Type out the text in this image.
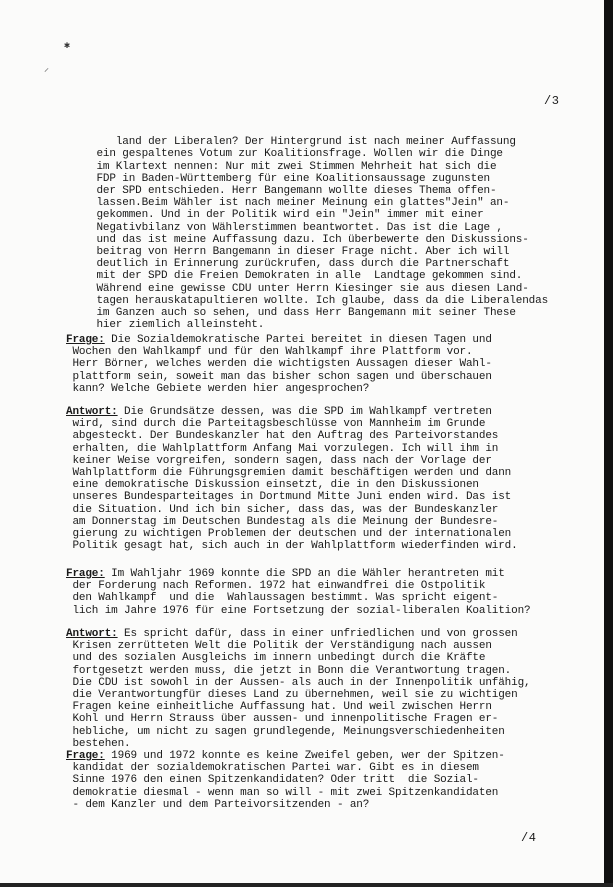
✱
⸝
/3

land der Liberalen? Der Hintergrund ist nach meiner Auffassung
ein gespaltenes Votum zur Koalitionsfrage. Wollen wir die Dinge
im Klartext nennen: Nur mit zwei Stimmen Mehrheit hat sich die
FDP in Baden-Württemberg für eine Koalitionsaussage zugunsten
der SPD entschieden. Herr Bangemann wollte dieses Thema offen-
lassen.Beim Wähler ist nach meiner Meinung ein glattes"Jein" an-
gekommen. Und in der Politik wird ein "Jein" immer mit einer
Negativbilanz von Wählerstimmen beantwortet. Das ist die Lage ,
und das ist meine Auffassung dazu. Ich überbewerte den Diskussions-
beitrag von Herrn Bangemann in dieser Frage nicht. Aber ich will
deutlich in Erinnerung zurückrufen, dass durch die Partnerschaft
mit der SPD die Freien Demokraten in alle  Landtage gekommen sind.
Während eine gewisse CDU unter Herrn Kiesinger sie aus diesen Land-
tagen herauskatapultieren wollte. Ich glaube, dass da die Liberalendas
im Ganzen auch so sehen, und dass Herr Bangemann mit seiner These
hier ziemlich alleinsteht.

Frage: Die Sozialdemokratische Partei bereitet in diesen Tagen und
Wochen den Wahlkampf und für den Wahlkampf ihre Plattform vor.
Herr Börner, welches werden die wichtigsten Aussagen dieser Wahl-
plattform sein, soweit man das bisher schon sagen und überschauen
kann? Welche Gebiete werden hier angesprochen?
Antwort: Die Grundsätze dessen, was die SPD im Wahlkampf vertreten
wird, sind durch die Parteitagsbeschlüsse von Mannheim im Grunde
abgesteckt. Der Bundeskanzler hat den Auftrag des Parteivorstandes
erhalten, die Wahlplattform Anfang Mai vorzulegen. Ich will ihm in
keiner Weise vorgreifen, sondern sagen, dass nach der Vorlage der
Wahlplattform die Führungsgremien damit beschäftigen werden und dann
eine demokratische Diskussion einsetzt, die in den Diskussionen
unseres Bundesparteitages in Dortmund Mitte Juni enden wird. Das ist
die Situation. Und ich bin sicher, dass das, was der Bundeskanzler
am Donnerstag im Deutschen Bundestag als die Meinung der Bundesre-
gierung zu wichtigen Problemen der deutschen und der internationalen
Politik gesagt hat, sich auch in der Wahlplattform wiederfinden wird.
Frage: Im Wahljahr 1969 konnte die SPD an die Wähler herantreten mit
der Forderung nach Reformen. 1972 hat einwandfrei die Ostpolitik
den Wahlkampf  und die  Wahlaussagen bestimmt. Was spricht eigent-
lich im Jahre 1976 für eine Fortsetzung der sozial-liberalen Koalition?
Antwort: Es spricht dafür, dass in einer unfriedlichen und von grossen
Krisen zerrütteten Welt die Politik der Verständigung nach aussen
und des sozialen Ausgleichs im innern unbedingt durch die Kräfte
fortgesetzt werden muss, die jetzt in Bonn die Verantwortung tragen.
Die CDU ist sowohl in der Aussen- als auch in der Innenpolitik unfähig,
die Verantwortungfür dieses Land zu übernehmen, weil sie zu wichtigen
Fragen keine einheitliche Auffassung hat. Und weil zwischen Herrn
Kohl und Herrn Strauss über aussen- und innenpolitische Fragen er-
hebliche, um nicht zu sagen grundlegende, Meinungsverschiedenheiten
bestehen.
Frage: 1969 und 1972 konnte es keine Zweifel geben, wer der Spitzen-
kandidat der sozialdemokratischen Partei war. Gibt es in diesem
Sinne 1976 den einen Spitzenkandidaten? Oder tritt  die Sozial-
demokratie diesmal - wenn man so will - mit zwei Spitzenkandidaten
- dem Kanzler und dem Parteivorsitzenden - an?
/4
